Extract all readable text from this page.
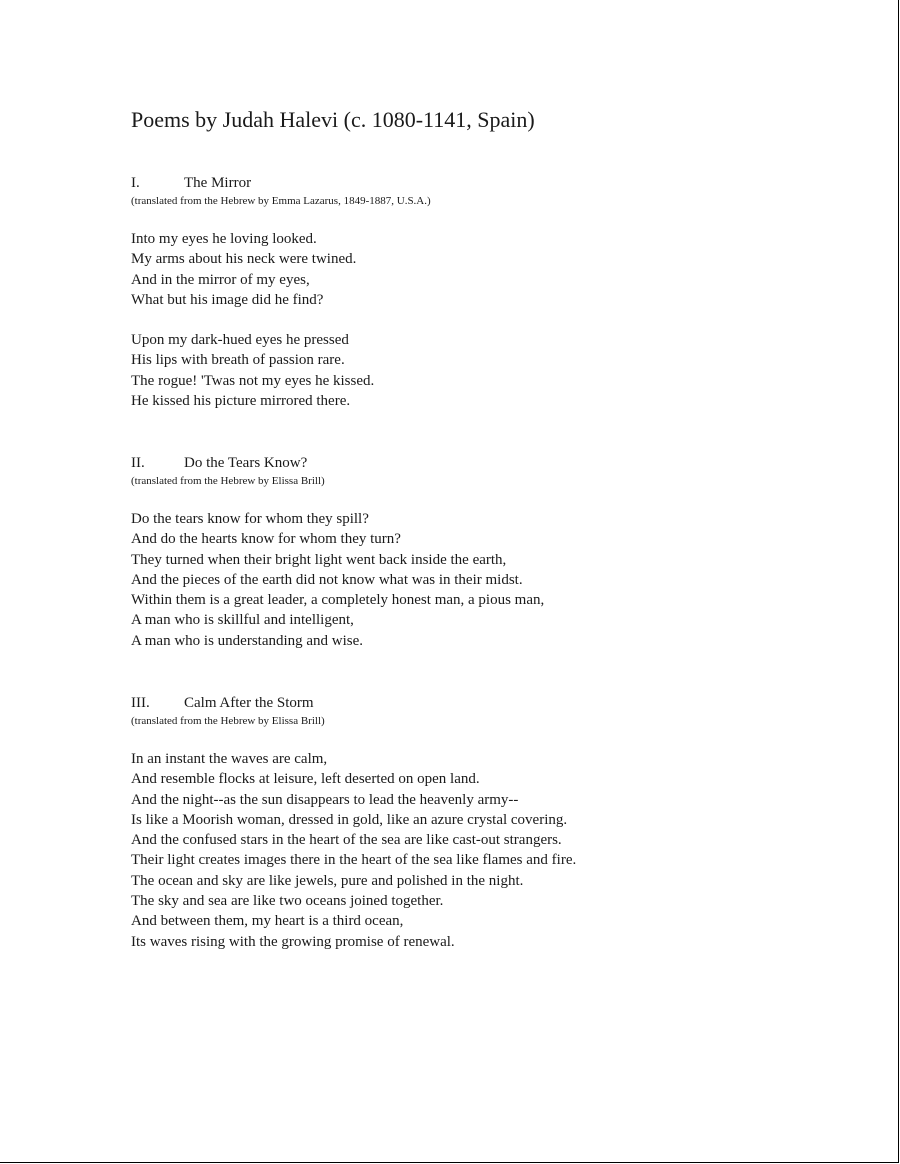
Poems by Judah Halevi (c. 1080-1141, Spain)
I.	The Mirror
(translated from the Hebrew by Emma Lazarus, 1849-1887, U.S.A.)
Into my eyes he loving looked.
My arms about his neck were twined.
And in the mirror of my eyes,
What but his image did he find?
Upon my dark-hued eyes he pressed
His lips with breath of passion rare.
The rogue! 'Twas not my eyes he kissed.
He kissed his picture mirrored there.
II.	Do the Tears Know?
(translated from the Hebrew by Elissa Brill)
Do the tears know for whom they spill?
And do the hearts know for whom they turn?
They turned when their bright light went back inside the earth,
And the pieces of the earth did not know what was in their midst.
Within them is a great leader, a completely honest man, a pious man,
A man who is skillful and intelligent,
A man who is understanding and wise.
III. Calm After the Storm
(translated from the Hebrew by Elissa Brill)
In an instant the waves are calm,
And resemble flocks at leisure, left deserted on open land.
And the night--as the sun disappears to lead the heavenly army--
Is like a Moorish woman, dressed in gold, like an azure crystal covering.
And the confused stars in the heart of the sea are like cast-out strangers.
Their light creates images there in the heart of the sea like flames and fire.
The ocean and sky are like jewels, pure and polished in the night.
The sky and sea are like two oceans joined together.
And between them, my heart is a third ocean,
Its waves rising with the growing promise of renewal.
